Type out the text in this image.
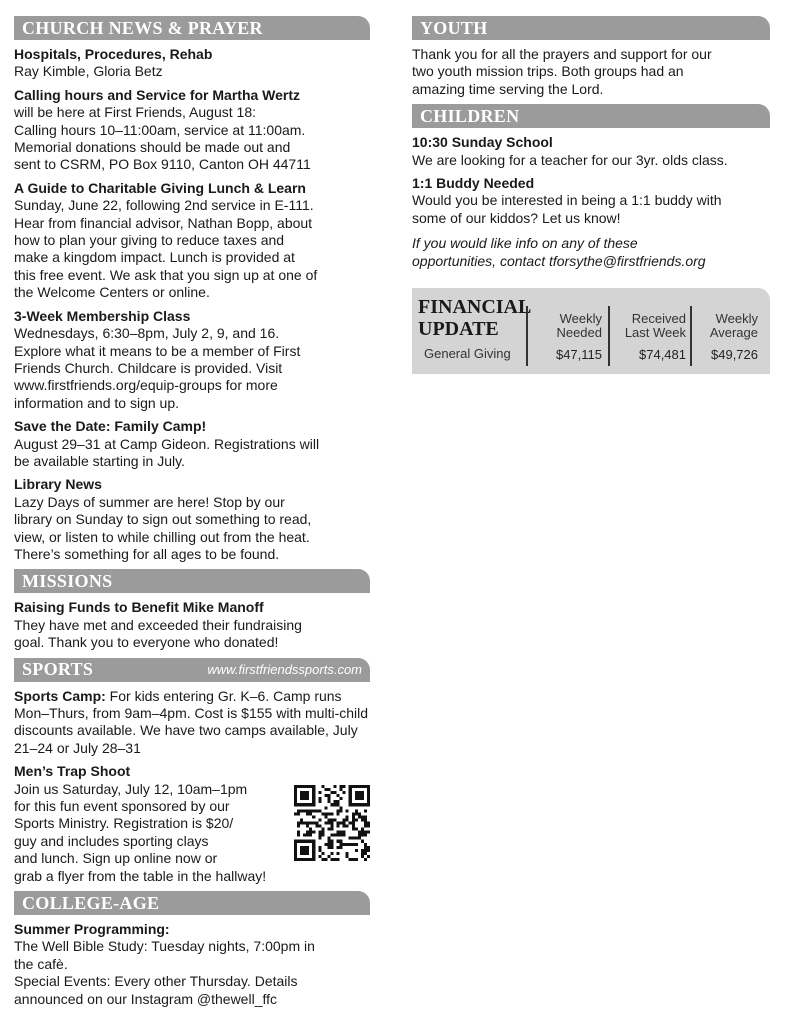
CHURCH NEWS & PRAYER
Hospitals, Procedures, Rehab
Ray Kimble, Gloria Betz
Calling hours and Service for Martha Wertz
will be here at First Friends, August 18:
Calling hours 10–11:00am, service at 11:00am.
Memorial donations should be made out and
sent to CSRM, PO Box 9110, Canton OH 44711
A Guide to Charitable Giving Lunch & Learn
Sunday, June 22, following 2nd service in E-111.
Hear from financial advisor, Nathan Bopp, about
how to plan your giving to reduce taxes and
make a kingdom impact. Lunch is provided at
this free event. We ask that you sign up at one of
the Welcome Centers or online.
3-Week Membership Class
Wednesdays, 6:30–8pm, July 2, 9, and 16.
Explore what it means to be a member of First
Friends Church. Childcare is provided. Visit
www.firstfriends.org/equip-groups for more
information and to sign up.
Save the Date: Family Camp!
August 29–31 at Camp Gideon. Registrations will
be available starting in July.
Library News
Lazy Days of summer are here! Stop by our
library on Sunday to sign out something to read,
view, or listen to while chilling out from the heat.
There’s something for all ages to be found.
MISSIONS
Raising Funds to Benefit Mike Manoff
They have met and exceeded their fundraising
goal. Thank you to everyone who donated!
SPORTS	www.firstfriendssports.com
Sports Camp: For kids entering Gr. K–6. Camp runs Mon–Thurs, from 9am–4pm. Cost is $155 with multi-child discounts available. We have two camps available, July 21–24 or July 28–31
Men’s Trap Shoot
Join us Saturday, July 12, 10am–1pm
for this fun event sponsored by our
Sports Ministry. Registration is $20/
guy and includes sporting clays
and lunch. Sign up online now or
grab a flyer from the table in the hallway!
COLLEGE-AGE
Summer Programming:
The Well Bible Study: Tuesday nights, 7:00pm in
the cafè.
Special Events: Every other Thursday. Details
announced on our Instagram @thewell_ffc
YOUTH
Thank you for all the prayers and support for our
two youth mission trips. Both groups had an
amazing time serving the Lord.
CHILDREN
10:30 Sunday School
We are looking for a teacher for our 3yr. olds class.
1:1 Buddy Needed
Would you be interested in being a 1:1 buddy with
some of our kiddos? Let us know!
If you would like info on any of these
opportunities, contact tforsythe@firstfriends.org
FINANCIAL
UPDATE
General Giving
Weekly
Needed
$47,115
Received
Last Week
$74,481
Weekly
Average
$49,726
